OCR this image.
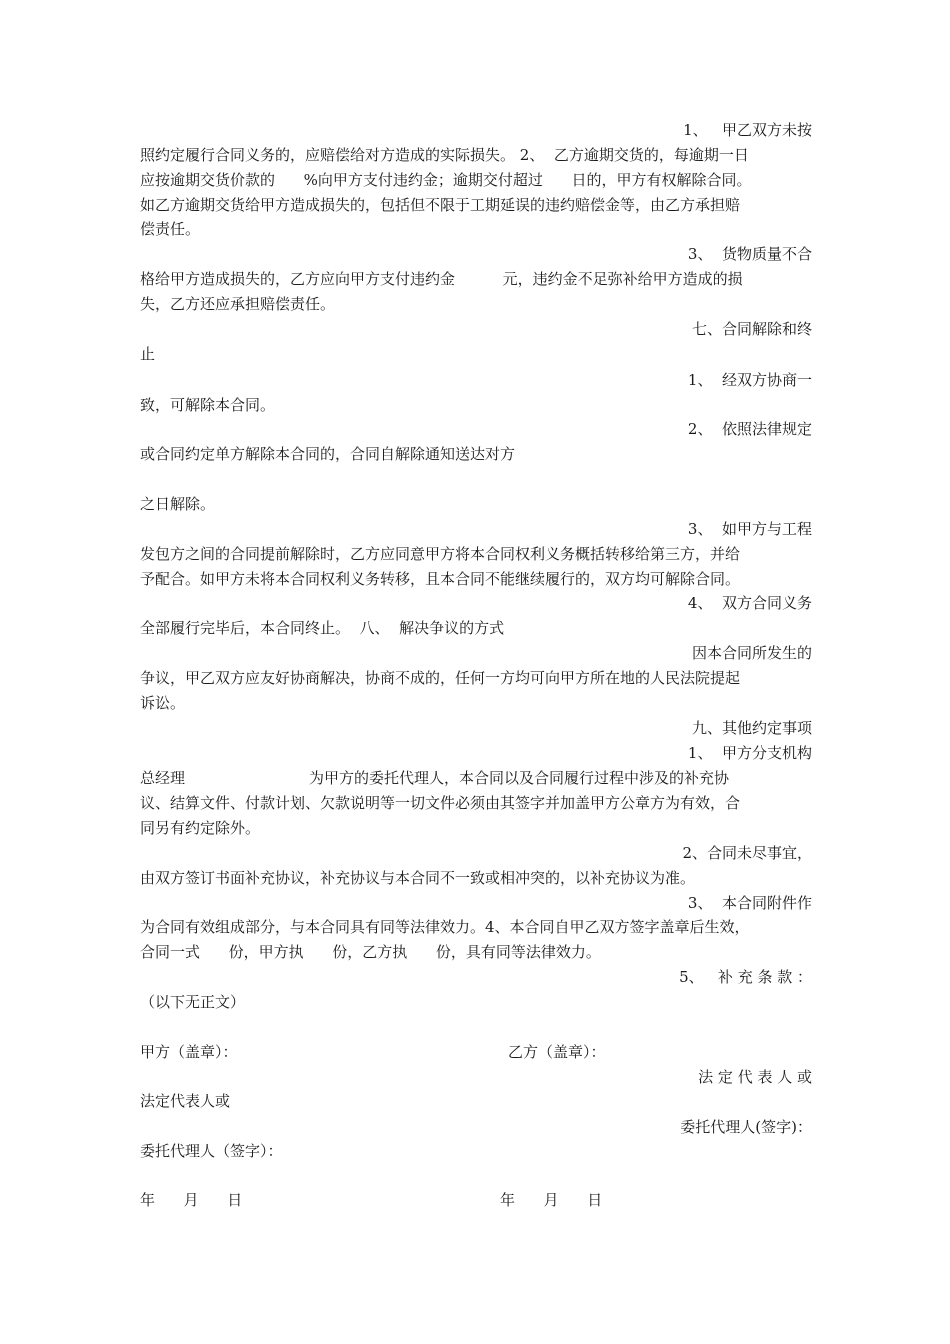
1、   甲乙双方未按
照约定履行合同义务的，应赔偿给对方造成的实际损失。 2、  乙方逾期交货的，每逾期一日
应按逾期交货价款的      %向甲方支付违约金；逾期交付超过      日的，甲方有权解除合同。
如乙方逾期交货给甲方造成损失的，包括但不限于工期延误的违约赔偿金等，由乙方承担赔
偿责任。
3、  货物质量不合
格给甲方造成损失的，乙方应向甲方支付违约金          元，违约金不足弥补给甲方造成的损
失，乙方还应承担赔偿责任。
七、合同解除和终
止
1、  经双方协商一
致，可解除本合同。
2、  依照法律规定
或合同约定单方解除本合同的，合同自解除通知送达对方
之日解除。
3、  如甲方与工程
发包方之间的合同提前解除时，乙方应同意甲方将本合同权利义务概括转移给第三方，并给
予配合。如甲方未将本合同权利义务转移，且本合同不能继续履行的，双方均可解除合同。
4、  双方合同义务
全部履行完毕后，本合同终止。  八、  解决争议的方式
因本合同所发生的
争议，甲乙双方应友好协商解决，协商不成的，任何一方均可向甲方所在地的人民法院提起
诉讼。
九、其他约定事项
1、  甲方分支机构
总经理                          为甲方的委托代理人，本合同以及合同履行过程中涉及的补充协
议、结算文件、付款计划、欠款说明等一切文件必须由其签字并加盖甲方公章方为有效，合
同另有约定除外。
2、合同未尽事宜，
由双方签订书面补充协议，补充协议与本合同不一致或相冲突的，以补充协议为准。
3、  本合同附件作
为合同有效组成部分，与本合同具有同等法律效力。4、本合同自甲乙双方签字盖章后生效，
合同一式      份，甲方执      份，乙方执      份，具有同等法律效力。
5、   补 充 条 款 ：
（以下无正文）
甲方（盖章）：	乙方（盖章）：
法 定 代 表 人 或
法定代表人或
委托代理人(签字)：
委托代理人（签字）：
年      月      日	年      月      日
